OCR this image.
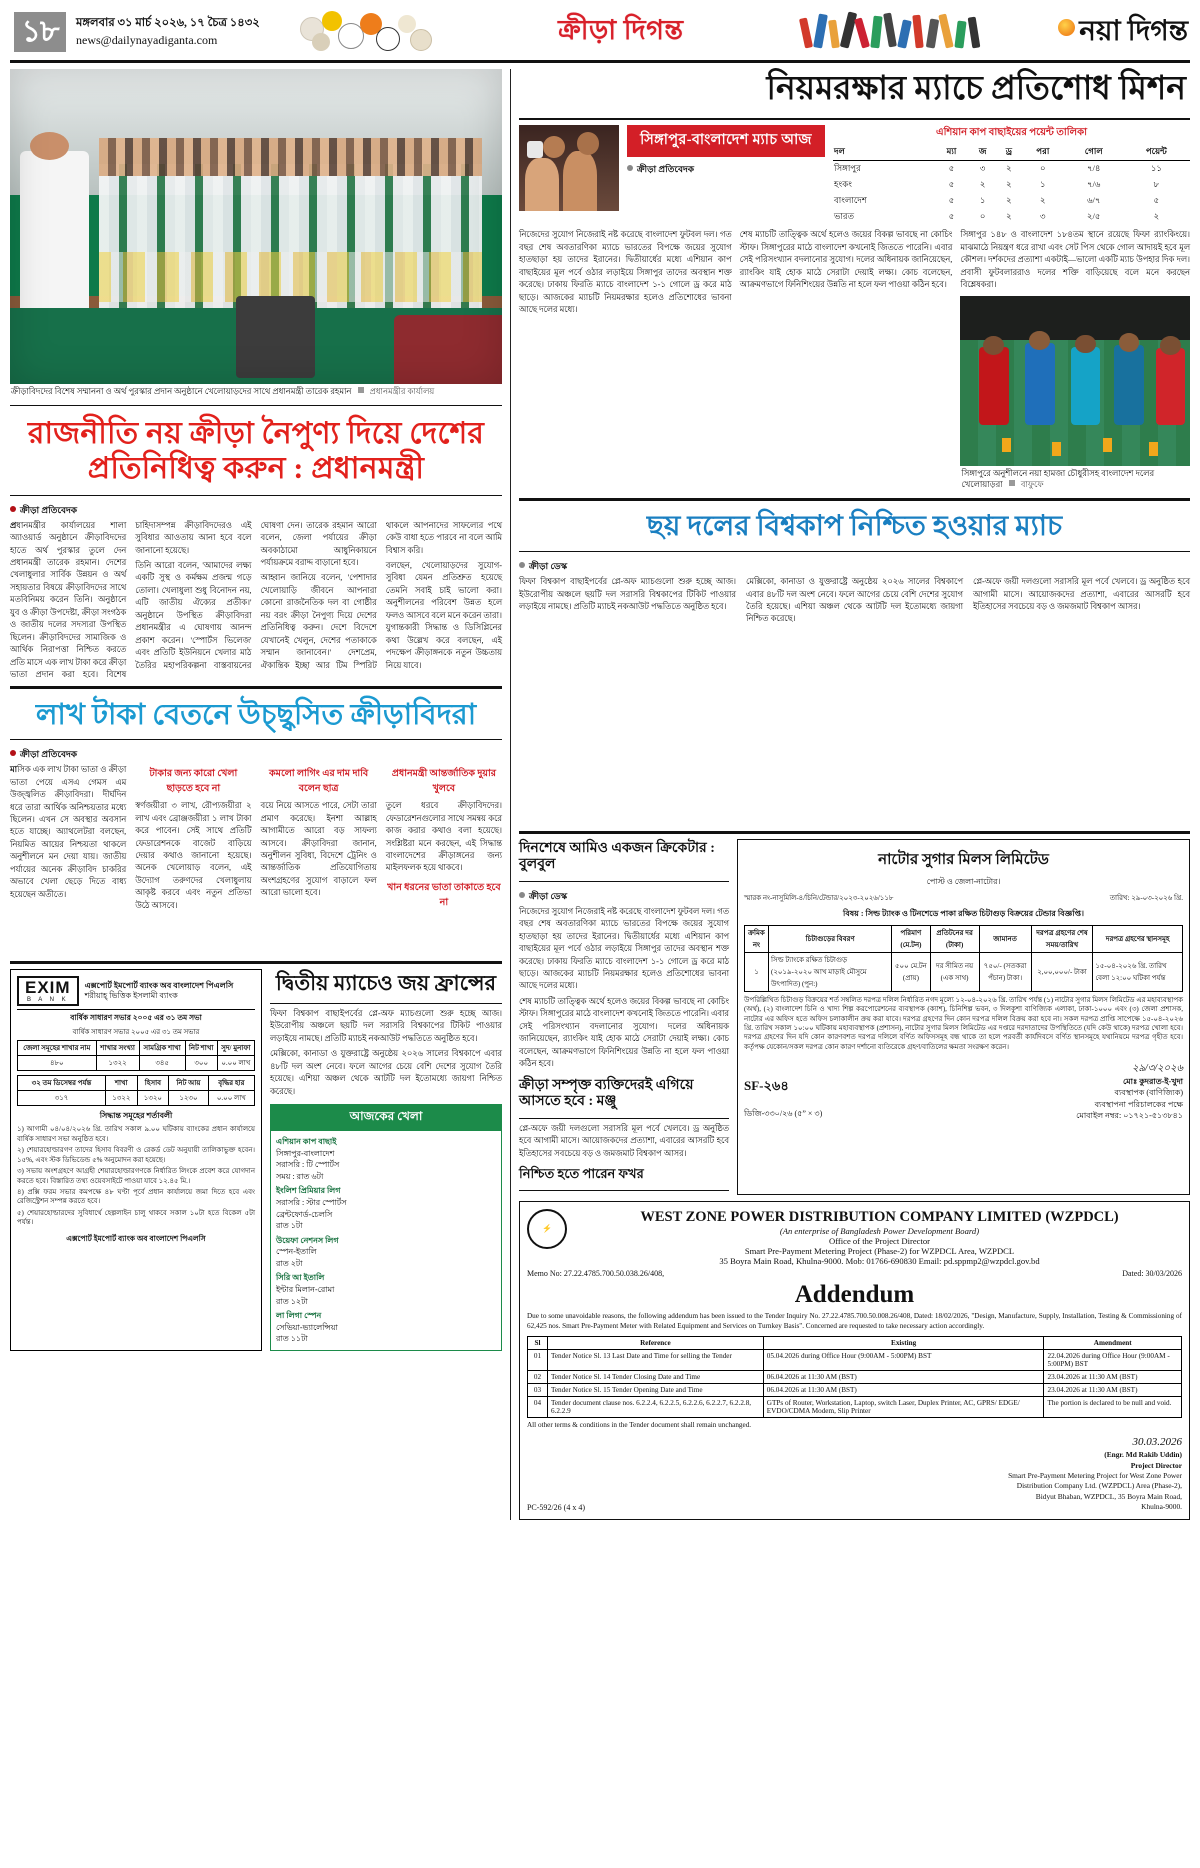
১৮	মঙ্গলবার ৩১ মার্চ ২০২৬, ১৭ চৈত্র ১৪৩২
news@dailynayadiganta.com	ক্রীড়া দিগন্ত	নয়া দিগন্ত
ক্রীড়াবিদদের বিশেষ সম্মাননা ও অর্থ পুরস্কার প্রদান অনুষ্ঠানে খেলোয়াড়দের সাথে প্রধানমন্ত্রী তারেক রহমান প্রধানমন্ত্রীর কার্যালয়
রাজনীতি নয় ক্রীড়া নৈপুণ্য দিয়ে দেশের
প্রতিনিধিত্ব করুন : প্রধানমন্ত্রী
ক্রীড়া প্রতিবেদক

প্রধানমন্ত্রীর কার্যালয়ের শালা অ্যাওয়ার্ড অনুষ্ঠানে ক্রীড়াবিদদের হাতে অর্থ পুরস্কার তুলে দেন প্রধানমন্ত্রী তারেক রহমান। দেশের খেলাধুলার সার্বিক উন্নয়ন ও অর্থ সহায়তার বিষয়ে ক্রীড়াবিদদের সাথে মতবিনিময় করেন তিনি। অনুষ্ঠানে যুব ও ক্রীড়া উপদেষ্টা, ক্রীড়া সংগঠক ও জাতীয় দলের সদস্যরা উপস্থিত ছিলেন। ক্রীড়াবিদদের সামাজিক ও আর্থিক নিরাপত্তা নিশ্চিত করতে প্রতি মাসে এক লাখ টাকা করে ক্রীড়া ভাতা প্রদান করা হবে। বিশেষ চাহিদাসম্পন্ন ক্রীড়াবিদদেরও এই সুবিধার আওতায় আনা হবে বলে জানানো হয়েছে।

তিনি আরো বলেন, 'আমাদের লক্ষ্য একটি সুস্থ ও কর্মক্ষম প্রজন্ম গড়ে তোলা। খেলাধুলা শুধু বিনোদন নয়, এটি জাতীয় ঐক্যের প্রতীক।' অনুষ্ঠানে উপস্থিত ক্রীড়াবিদরা প্রধানমন্ত্রীর এ ঘোষণায় আনন্দ প্রকাশ করেন। 'স্পোর্টস ভিলেজ' এবং প্রতিটি ইউনিয়নে খেলার মাঠ তৈরির মহাপরিকল্পনা বাস্তবায়নের ঘোষণা দেন। তারেক রহমান আরো বলেন, জেলা পর্যায়ের ক্রীড়া অবকাঠামো আধুনিকায়নে পর্যায়ক্রমে বরাদ্দ বাড়ানো হবে।

আহ্বান জানিয়ে বলেন, 'পেশাদার খেলোয়াড়ি জীবনে আপনারা কোনো রাজনৈতিক দল বা গোষ্ঠীর নয় বরং ক্রীড়া নৈপুণ্য দিয়ে দেশের প্রতিনিধিত্ব করুন। দেশে বিদেশে যেখানেই খেলুন, দেশের পতাকাকে সম্মান জানাবেন।' দেশপ্রেম, ঐকান্তিক ইচ্ছা আর টিম স্পিরিট থাকলে আপনাদের সাফল্যের পথে কেউ বাধা হতে পারবে না বলে আমি বিশ্বাস করি।

বলছেন, খেলোয়াড়দের সুযোগ-সুবিধা যেমন প্রতিশ্রুত হয়েছে তেমনি সবাই চাই ভালো করা। অনুশীলনের পরিবেশ উন্নত হলে ফলও আসবে বলে মনে করেন তারা। যুগান্তকারী সিদ্ধান্ত ও ডিসিপ্লিনের কথা উল্লেখ করে বলছেন, এই পদক্ষেপ ক্রীড়াঙ্গনকে নতুন উচ্চতায় নিয়ে যাবে।

লাখ টাকা বেতনে উচ্ছ্বসিত ক্রীড়াবিদরা
ক্রীড়া প্রতিবেদক

মাসিক এক লাখ টাকা ভাতা ও ক্রীড়া ভাতা পেয়ে এসএ গেমস এম উজ্জ্বলিত ক্রীড়াবিদরা। দীর্ঘদিন ধরে তারা আর্থিক অনিশ্চয়তার মধ্যে ছিলেন। এখন সে অবস্থার অবসান হতে যাচ্ছে। অ্যাথলেটরা বলছেন, নিয়মিত আয়ের নিশ্চয়তা থাকলে অনুশীলনে মন দেয়া যায়। জাতীয় পর্যায়ের অনেক ক্রীড়াবিদ চাকরির অভাবে খেলা ছেড়ে দিতে বাধ্য হয়েছেন অতীতে।

টাকার জন্য কারো খেলা ছাড়তে হবে না

স্বর্ণজয়ীরা ৩ লাখ, রৌপ্যজয়ীরা ২ লাখ এবং ব্রোঞ্জজয়ীরা ১ লাখ টাকা করে পাবেন। সেই সাথে প্রতিটি ফেডারেশনকে বাজেট বাড়িয়ে দেয়ার কথাও জানানো হয়েছে। অনেক খেলোয়াড় বলেন, এই উদ্যোগ তরুণদের খেলাধুলায় আকৃষ্ট করবে এবং নতুন প্রতিভা উঠে আসবে।

কমলো লাগিং এর দাম দাবি বলেন ছাত্র

বয়ে নিয়ে আসতে পারে, সেটা তারা প্রমাণ করেছে। ইনশা আল্লাহ আগামীতে আরো বড় সাফল্য আসবে। ক্রীড়াবিদরা জানান, অনুশীলন সুবিধা, বিদেশে ট্রেনিং ও আন্তর্জাতিক প্রতিযোগিতায় অংশগ্রহণের সুযোগ বাড়ালে ফল আরো ভালো হবে।

প্রধানমন্ত্রী আন্তর্জাতিক দুয়ার খুলবে

তুলে ধরবে ক্রীড়াবিদদের। ফেডারেশনগুলোর সাথে সমন্বয় করে কাজ করার কথাও বলা হয়েছে। সংশ্লিষ্টরা মনে করছেন, এই সিদ্ধান্ত বাংলাদেশের ক্রীড়াঙ্গনের জন্য মাইলফলক হয়ে থাকবে।

খান ধরনের ভাতা তাকাতে হবে না
EXIM
B A N K
এক্সপোর্ট ইমপোর্ট ব্যাংক অব বাংলাদেশ পিএলসি
শরীয়াহ্ ভিত্তিক ইসলামী ব্যাংক
বার্ষিক সাধারণ সভার ২০০৫ এর ৩১ তম সভা
বার্ষিক সাধারণ সভার ২০০৫ এর ৩১ তম সভার
জেলা সমূহের শাখার নাম	শাখার সংখ্যা	সামগ্রিক শাখা	নিট শাখা	সুদ/ মুনাফা
৪৮০	১৩২২	৩৪৫	৩০০	০.০০ লাখ
৩২ তম ডিসেম্বর পর্যন্ত	শাখা	হিসাব	নিট আয়	বৃদ্ধির হার
৩১৭	১৩২২	১৩২০	১২৩০	০.০০ লাখ
সিদ্ধান্ত সমূহের শর্তাবলী

১) আগামী ০৪/০৪/২০২৬ খ্রি. তারিখ সকাল ৯.০০ ঘটিকায় ব্যাংকের প্রধান কার্যালয়ে বার্ষিক সাধারণ সভা অনুষ্ঠিত হবে।

২) শেয়ারহোল্ডারগণ তাদের হিসাব বিবরণী ও রেকর্ড ডেট অনুযায়ী তালিকাভুক্ত হবেন। ১৫%, এবং স্টক ডিভিডেন্ড ৫% অনুমোদন করা হয়েছে।

৩) সভায় অংশগ্রহণে আগ্রহী শেয়ারহোল্ডারগণকে নির্ধারিত লিংকে প্রবেশ করে যোগদান করতে হবে। বিস্তারিত তথ্য ওয়েবসাইটে পাওয়া যাবে ১২.৪৫ মি.।

৪) প্রক্সি ফরম সভার কমপক্ষে ৪৮ ঘণ্টা পূর্বে প্রধান কার্যালয়ে জমা দিতে হবে এবং রেজিস্ট্রেশন সম্পন্ন করতে হবে।

৫) শেয়ারহোল্ডারদের সুবিধার্থে হেল্পলাইন চালু থাকবে সকাল ১০টা হতে বিকেল ৫টা পর্যন্ত।

এক্সপোর্ট ইমপোর্ট ব্যাংক অব বাংলাদেশ পিএলসি
দ্বিতীয় ম্যাচেও জয় ফ্রান্সের

ফিফা বিশ্বকাপ বাছাইপর্বের প্লে-অফ ম্যাচগুলো শুরু হচ্ছে আজ। ইউরোপীয় অঞ্চলে ছয়টি দল সরাসরি বিশ্বকাপের টিকিট পাওয়ার লড়াইয়ে নামছে। প্রতিটি ম্যাচই নকআউট পদ্ধতিতে অনুষ্ঠিত হবে।

মেক্সিকো, কানাডা ও যুক্তরাষ্ট্রে অনুষ্ঠেয় ২০২৬ সালের বিশ্বকাপে এবার ৪৮টি দল অংশ নেবে। ফলে আগের চেয়ে বেশি দেশের সুযোগ তৈরি হয়েছে। এশিয়া অঞ্চল থেকে আটটি দল ইতোমধ্যে জায়গা নিশ্চিত করেছে।

আজকের খেলা
এশিয়ান কাপ বাছাই
সিঙ্গাপুর-বাংলাদেশ
সরাসরি : টি স্পোর্টস
সময় : রাত ৬টা
ইংলিশ প্রিমিয়ার লিগ
সরাসরি : স্টার স্পোর্টস
ব্রেন্টফোর্ড-চেলসি
রাত ১টা
উয়েফা নেশনস লিগ
স্পেন-ইতালি
রাত ২টা
সিরি আ ইতালি
ইন্টার মিলান-রোমা
রাত ১২টা
লা লিগা স্পেন
সেভিয়া-ভ্যালেন্সিয়া
রাত ১১টা
নিয়মরক্ষার ম্যাচে প্রতিশোধ মিশন
সিঙ্গাপুর-বাংলাদেশ ম্যাচ আজ
ক্রীড়া প্রতিবেদক
এশিয়ান কাপ বাছাইয়ের পয়েন্ট তালিকা
দল	ম্যা	জ	ড্র	পরা	গোল	পয়েন্ট
সিঙ্গাপুর	৫	৩	২	০	৭/৪	১১
হংকং	৫	২	২	১	৭/৬	৮
বাংলাদেশ	৫	১	২	২	৬/৭	৫
ভারত	৫	০	২	৩	২/৫	২

নিজেদের সুযোগ নিজেরাই নষ্ট করেছে বাংলাদেশ ফুটবল দল। গত বছর শেষ অবতারণিকা ম্যাচে ভারতের বিপক্ষে জয়ের সুযোগ হাতছাড়া হয় তাদের ইরানের। দ্বিতীয়ার্ধের মধ্যে এশিয়ান কাপ বাছাইয়ের মূল পর্বে ওঠার লড়াইয়ে সিঙ্গাপুর তাদের অবস্থান শক্ত করেছে। ঢাকায় ফিরতি ম্যাচে বাংলাদেশ ১-১ গোলে ড্র করে মাঠ ছাড়ে। আজকের ম্যাচটি নিয়মরক্ষার হলেও প্রতিশোধের ভাবনা আছে দলের মধ্যে।

শেষ ম্যাচটি তাত্ত্বিক অর্থে হলেও জয়ের বিকল্প ভাবছে না কোচিং স্টাফ। সিঙ্গাপুরের মাঠে বাংলাদেশ কখনোই জিততে পারেনি। এবার সেই পরিসংখ্যান বদলানোর সুযোগ। দলের অধিনায়ক জানিয়েছেন, র‍্যাংকিং যাই হোক মাঠে সেরাটা দেয়াই লক্ষ্য। কোচ বলেছেন, আক্রমণভাগে ফিনিশিংয়ের উন্নতি না হলে ফল পাওয়া কঠিন হবে।

সিঙ্গাপুর ১৪৮ ও বাংলাদেশ ১৮৪তম স্থানে রয়েছে ফিফা র‍্যাংকিংয়ে। মাঝমাঠে নিয়ন্ত্রণ ধরে রাখা এবং সেট পিস থেকে গোল আদায়ই হবে মূল কৌশল। দর্শকদের প্রত্যাশা একটাই—ভালো একটি ম্যাচ উপহার দিক দল। প্রবাসী ফুটবলাররাও দলের শক্তি বাড়িয়েছে বলে মনে করছেন বিশ্লেষকরা।

সিঙ্গাপুরে অনুশীলনে নয়া হামজা চৌধুরীসহ বাংলাদেশ দলের খেলোয়াড়রা বাফুফে
ছয় দলের বিশ্বকাপ নিশ্চিত হওয়ার ম্যাচ
ক্রীড়া ডেস্ক

ফিফা বিশ্বকাপ বাছাইপর্বের প্লে-অফ ম্যাচগুলো শুরু হচ্ছে আজ। ইউরোপীয় অঞ্চলে ছয়টি দল সরাসরি বিশ্বকাপের টিকিট পাওয়ার লড়াইয়ে নামছে। প্রতিটি ম্যাচই নকআউট পদ্ধতিতে অনুষ্ঠিত হবে।

মেক্সিকো, কানাডা ও যুক্তরাষ্ট্রে অনুষ্ঠেয় ২০২৬ সালের বিশ্বকাপে এবার ৪৮টি দল অংশ নেবে। ফলে আগের চেয়ে বেশি দেশের সুযোগ তৈরি হয়েছে। এশিয়া অঞ্চল থেকে আটটি দল ইতোমধ্যে জায়গা নিশ্চিত করেছে।

প্লে-অফে জয়ী দলগুলো সরাসরি মূল পর্বে খেলবে। ড্র অনুষ্ঠিত হবে আগামী মাসে। আয়োজকদের প্রত্যাশা, এবারের আসরটি হবে ইতিহাসের সবচেয়ে বড় ও জমজমাট বিশ্বকাপ আসর।

দিনশেষে আমিও একজন ক্রিকেটার : বুলবুল
ক্রীড়া ডেস্ক

নিজেদের সুযোগ নিজেরাই নষ্ট করেছে বাংলাদেশ ফুটবল দল। গত বছর শেষ অবতারণিকা ম্যাচে ভারতের বিপক্ষে জয়ের সুযোগ হাতছাড়া হয় তাদের ইরানের। দ্বিতীয়ার্ধের মধ্যে এশিয়ান কাপ বাছাইয়ের মূল পর্বে ওঠার লড়াইয়ে সিঙ্গাপুর তাদের অবস্থান শক্ত করেছে। ঢাকায় ফিরতি ম্যাচে বাংলাদেশ ১-১ গোলে ড্র করে মাঠ ছাড়ে। আজকের ম্যাচটি নিয়মরক্ষার হলেও প্রতিশোধের ভাবনা আছে দলের মধ্যে।

শেষ ম্যাচটি তাত্ত্বিক অর্থে হলেও জয়ের বিকল্প ভাবছে না কোচিং স্টাফ। সিঙ্গাপুরের মাঠে বাংলাদেশ কখনোই জিততে পারেনি। এবার সেই পরিসংখ্যান বদলানোর সুযোগ। দলের অধিনায়ক জানিয়েছেন, র‍্যাংকিং যাই হোক মাঠে সেরাটা দেয়াই লক্ষ্য। কোচ বলেছেন, আক্রমণভাগে ফিনিশিংয়ের উন্নতি না হলে ফল পাওয়া কঠিন হবে।

ক্রীড়া সম্পৃক্ত ব্যক্তিদেরই এগিয়ে আসতে হবে : মঞ্জু

প্লে-অফে জয়ী দলগুলো সরাসরি মূল পর্বে খেলবে। ড্র অনুষ্ঠিত হবে আগামী মাসে। আয়োজকদের প্রত্যাশা, এবারের আসরটি হবে ইতিহাসের সবচেয়ে বড় ও জমজমাট বিশ্বকাপ আসর।

নিশ্চিত হতে পারেন ফখর
নাটোর সুগার মিলস লিমিটেড
পোস্ট ও জেলা-নাটোর।
স্মারক নং-নাসুমিলি-৪/চিনি/টেন্ডার/২০২৩-২০২৬/১১৮	তারিখ: ২৯-০৩-২০২৬ খ্রি.
বিষয় : সিল্ড ট্যাংক ও টিনশেডে পাকা রক্ষিত চিটাগুড় বিক্রয়ের টেন্ডার বিজ্ঞপ্তি।
ক্রমিক নং	চিটাগুড়ের বিবরণ	পরিমাণ (মে.টন)	প্রতিটনের দর (টাকা)	জামানত	দরপত্র গ্রহণের শেষ সময়/তারিখ	দরপত্র গ্রহণের স্থানসমূহ
১	সিল্ড ট্যাংকে রক্ষিত চিটাগুড় (২০১৯-২০২০ আখ মাড়াই মৌসুমে উৎপাদিত) (পুন:)	৫০০ মে.টন (প্রায়)	দর সীমিত নয় (এক সাথ)	৭৫০/- (সতকরা পঁচান) টাকা।	২,০০,০০০/- টাকা	১৫-০৪-২০২৬ খ্রি. তারিখ বেলা ১২:০০ ঘটিকা পর্যন্ত
উপরিল্লিখিত চিটাগুড় বিক্রয়ের শর্ত সম্বলিত দরপত্র দলিল নির্ধারিত নগদ মূল্যে ১২-০৪-২০২৬ খ্রি. তারিখ পর্যন্ত (১) নাটোর সুগার মিলস লিমিটেড এর মহাব্যবস্থাপক (অর্থ), (২) বাংলাদেশ চিনি ও খাদ্য শিল্প করপোরেশনের ব্যবস্থাপক (ক্যাশ), চিনিশিল্প ভবন, ৩ দিলকুশা বাণিজ্যিক এলাকা, ঢাকা-১০০০ এবং (৩) জেলা প্রশাসক, নাটোর এর অফিস হতে অফিস চলাকালীন ক্রয় করা যাবে। দরপত্র গ্রহণের দিন কোন দরপত্র দলিল বিক্রয় করা হবে না। সকল দরপত্র প্রাপ্তি সাপেক্ষে ১৫-০৪-২০২৬ খ্রি. তারিখ সকাল ১০:০০ ঘটিকায় মহাব্যবস্থাপক (প্রশাসন), নাটোর সুগার মিলস লিমিটেড এর দপ্তরে দরদাতাদের উপস্থিতিতে (যদি কেউ থাকে) দরপত্র খোলা হবে। দরপত্র গ্রহণের দিন যদি কোন কারণবশত দরপত্র দলিলে বর্ণিত অফিসসমূহ বন্ধ থাকে তা হলে পরবর্তী কার্যদিবসে বর্ণিত স্থানসমূহে যথানিয়মে দরপত্র গৃহীত হবে। কর্তৃপক্ষ যেকোন/সকল দরপত্র কোন কারণ দর্শানো ব্যতিরেকে গ্রহণ/বাতিলের ক্ষমতা সংরক্ষণ করেন।
SF-২৬৪
ডিজি-৩৩০/২৬ (৫” × ৩)
২৯/৩/২০২৬
মোঃ কুদরাত-ই-খুদা
ব্যবস্থাপক (বাণিজ্যিক)
ব্যবস্থাপনা পরিচালকের পক্ষে
মোবাইল নম্বর: ০১৭২১-৫১৩৮৪১
⚡
WEST ZONE POWER DISTRIBUTION COMPANY LIMITED (WZPDCL)
(An enterprise of Bangladesh Power Development Board)
Office of the Project Director
Smart Pre-Payment Metering Project (Phase-2) for WZPDCL Area, WZPDCL
35 Boyra Main Road, Khulna-9000. Mob: 01766-690830 Email: pd.sppmp2@wzpdcl.gov.bd
Memo No: 27.22.4785.700.50.038.26/408,	Dated: 30/03/2026
Addendum
Due to some unavoidable reasons, the following addendum has been issued to the Tender Inquiry No. 27.22.4785.700.50.008.26/408, Dated: 18/02/2026, "Design, Manufacture, Supply, Installation, Testing & Commissioning of 62,425 nos. Smart Pre-Payment Meter with Related Equipment and Services on Turnkey Basis". Concerned are requested to take necessary action accordingly.
Sl	Reference	Existing	Amendment
01	Tender Notice Sl. 13 Last Date and Time for selling the Tender	05.04.2026 during Office Hour (9:00AM - 5:00PM) BST	22.04.2026 during Office Hour (9:00AM - 5:00PM) BST
02	Tender Notice Sl. 14 Tender Closing Date and Time	06.04.2026 at 11:30 AM (BST)	23.04.2026 at 11:30 AM (BST)
03	Tender Notice Sl. 15 Tender Opening Date and Time	06.04.2026 at 11:30 AM (BST)	23.04.2026 at 11:30 AM (BST)
04	Tender document clause nos. 6.2.2.4, 6.2.2.5, 6.2.2.6, 6.2.2.7, 6.2.2.8, 6.2.2.9	GTPs of Router, Workstation, Laptop, switch Laser, Duplex Printer, AC, GPRS/ EDGE/ EVDO/CDMA Modem, Slip Printer	The portion is declared to be null and void.
All other terms & conditions in the Tender document shall remain unchanged.
PC-592/26 (4 x 4)
30.03.2026
(Engr. Md Rakib Uddin)
Project Director
Smart Pre-Payment Metering Project for West Zone Power
Distribution Company Ltd. (WZPDCL) Area (Phase-2),
Bidyut Bhaban, WZPDCL, 35 Boyra Main Road,
Khulna-9000.
